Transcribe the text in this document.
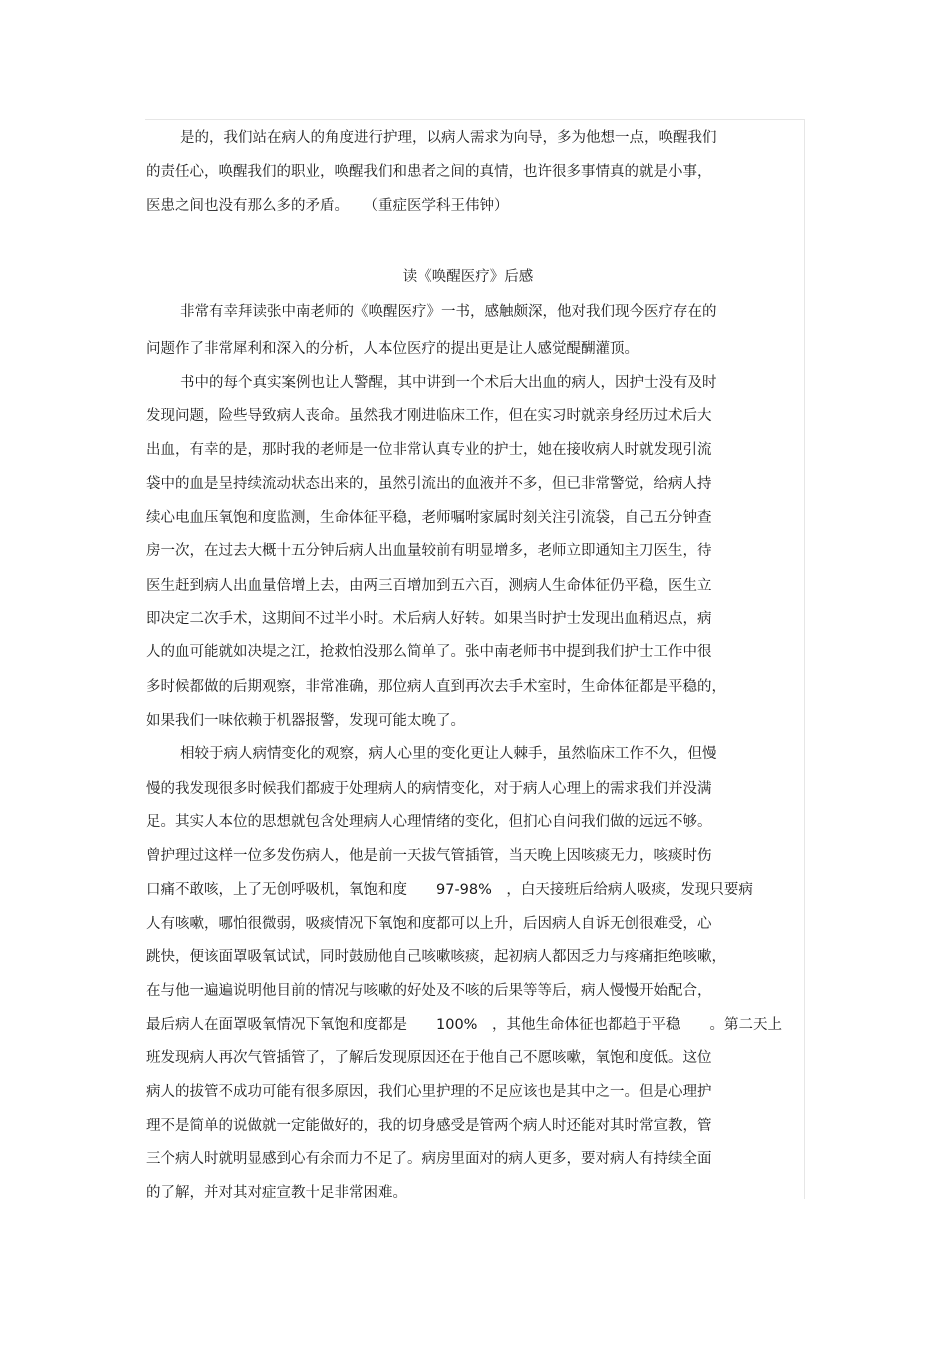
是的，我们站在病人的角度进行护理，以病人需求为向导，多为他想一点，唤醒我们
的责任心，唤醒我们的职业，唤醒我们和患者之间的真情，也许很多事情真的就是小事，
医患之间也没有那么多的矛盾。　　（重症医学科王伟钟）
读《唤醒医疗》后感
非常有幸拜读张中南老师的《唤醒医疗》一书，感触颇深，他对我们现今医疗存在的
问题作了非常犀利和深入的分析，人本位医疗的提出更是让人感觉醍醐灌顶。
书中的每个真实案例也让人警醒，其中讲到一个术后大出血的病人，因护士没有及时
发现问题，险些导致病人丧命。虽然我才刚进临床工作，但在实习时就亲身经历过术后大
出血，有幸的是，那时我的老师是一位非常认真专业的护士，她在接收病人时就发现引流
袋中的血是呈持续流动状态出来的，虽然引流出的血液并不多，但已非常警觉，给病人持
续心电血压氧饱和度监测，生命体征平稳，老师嘱咐家属时刻关注引流袋，自己五分钟查
房一次，在过去大概十五分钟后病人出血量较前有明显增多，老师立即通知主刀医生，待
医生赶到病人出血量倍增上去，由两三百增加到五六百，测病人生命体征仍平稳，医生立
即决定二次手术，这期间不过半小时。术后病人好转。如果当时护士发现出血稍迟点，病
人的血可能就如决堤之江，抢救怕没那么简单了。张中南老师书中提到我们护士工作中很
多时候都做的后期观察，非常准确，那位病人直到再次去手术室时，生命体征都是平稳的，
如果我们一味依赖于机器报警，发现可能太晚了。
相较于病人病情变化的观察，病人心里的变化更让人棘手，虽然临床工作不久，但慢
慢的我发现很多时候我们都疲于处理病人的病情变化，对于病人心理上的需求我们并没满
足。其实人本位的思想就包含处理病人心理情绪的变化，但扪心自问我们做的远远不够。
曾护理过这样一位多发伤病人，他是前一天拔气管插管，当天晚上因咳痰无力，咳痰时伤
口痛不敢咳，上了无创呼吸机，氧饱和度　　97-98%　，白天接班后给病人吸痰，发现只要病
人有咳嗽，哪怕很微弱，吸痰情况下氧饱和度都可以上升，后因病人自诉无创很难受，心
跳快，便该面罩吸氧试试，同时鼓励他自己咳嗽咳痰，起初病人都因乏力与疼痛拒绝咳嗽，
在与他一遍遍说明他目前的情况与咳嗽的好处及不咳的后果等等后，病人慢慢开始配合，
最后病人在面罩吸氧情况下氧饱和度都是　　100%　，其他生命体征也都趋于平稳　　。第二天上
班发现病人再次气管插管了，了解后发现原因还在于他自己不愿咳嗽，氧饱和度低。这位
病人的拔管不成功可能有很多原因，我们心里护理的不足应该也是其中之一。但是心理护
理不是简单的说做就一定能做好的，我的切身感受是管两个病人时还能对其时常宣教，管
三个病人时就明显感到心有余而力不足了。病房里面对的病人更多，要对病人有持续全面
的了解，并对其对症宣教十足非常困难。
